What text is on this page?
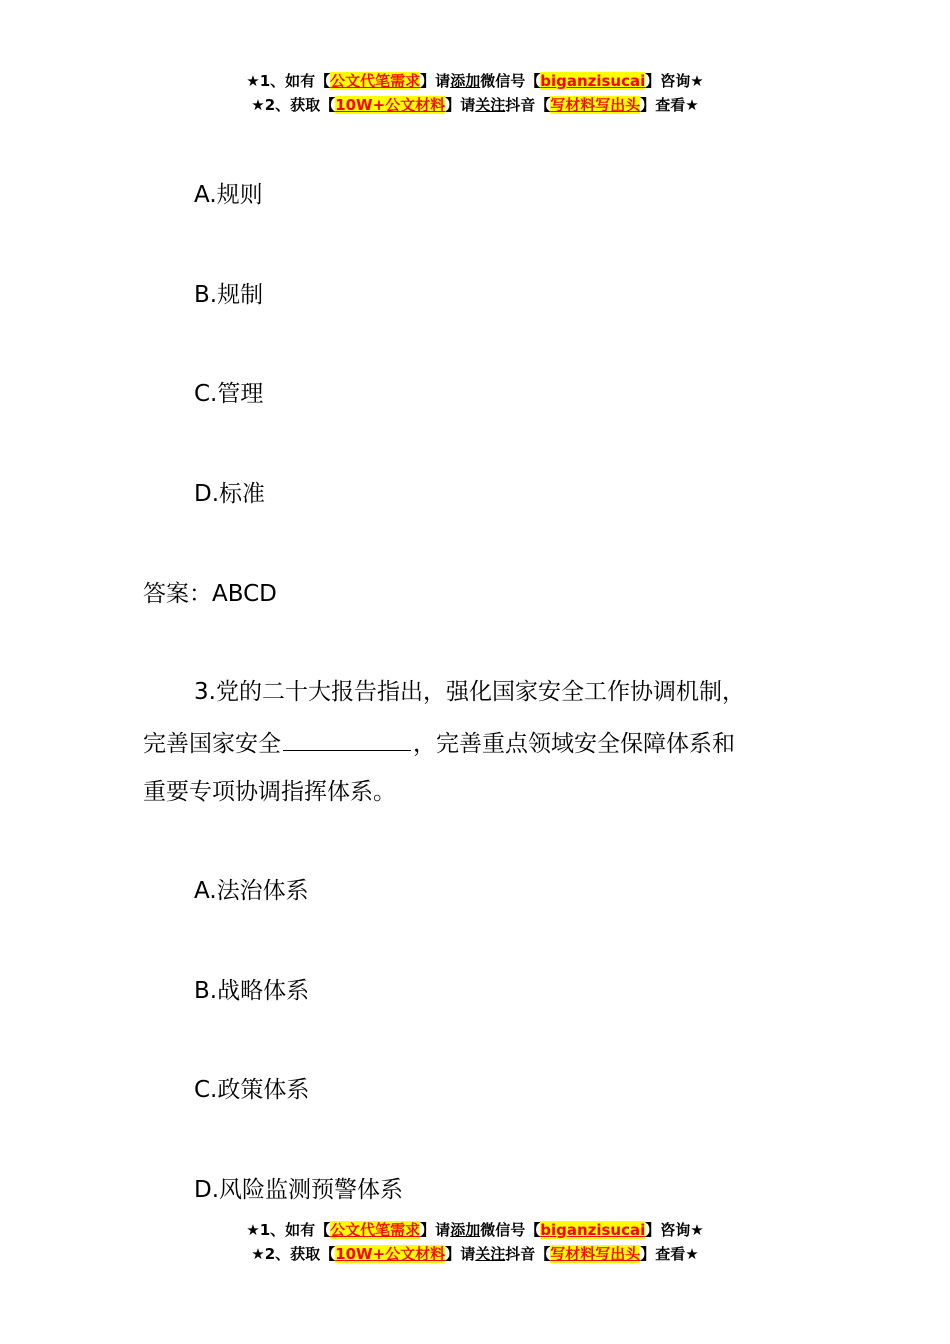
★1、如有【公文代笔需求】请添加微信号【biganzisucai】咨询★
★2、获取【10W+公文材料】请关注抖音【写材料写出头】查看★
A.规则
B.规制
C.管理
D.标准
答案：ABCD
3.党的二十大报告指出，强化国家安全工作协调机制，
完善国家安全	，完善重点领域安全保障体系和
重要专项协调指挥体系。
A.法治体系
B.战略体系
C.政策体系
D.风险监测预警体系
★1、如有【公文代笔需求】请添加微信号【biganzisucai】咨询★
★2、获取【10W+公文材料】请关注抖音【写材料写出头】查看★
